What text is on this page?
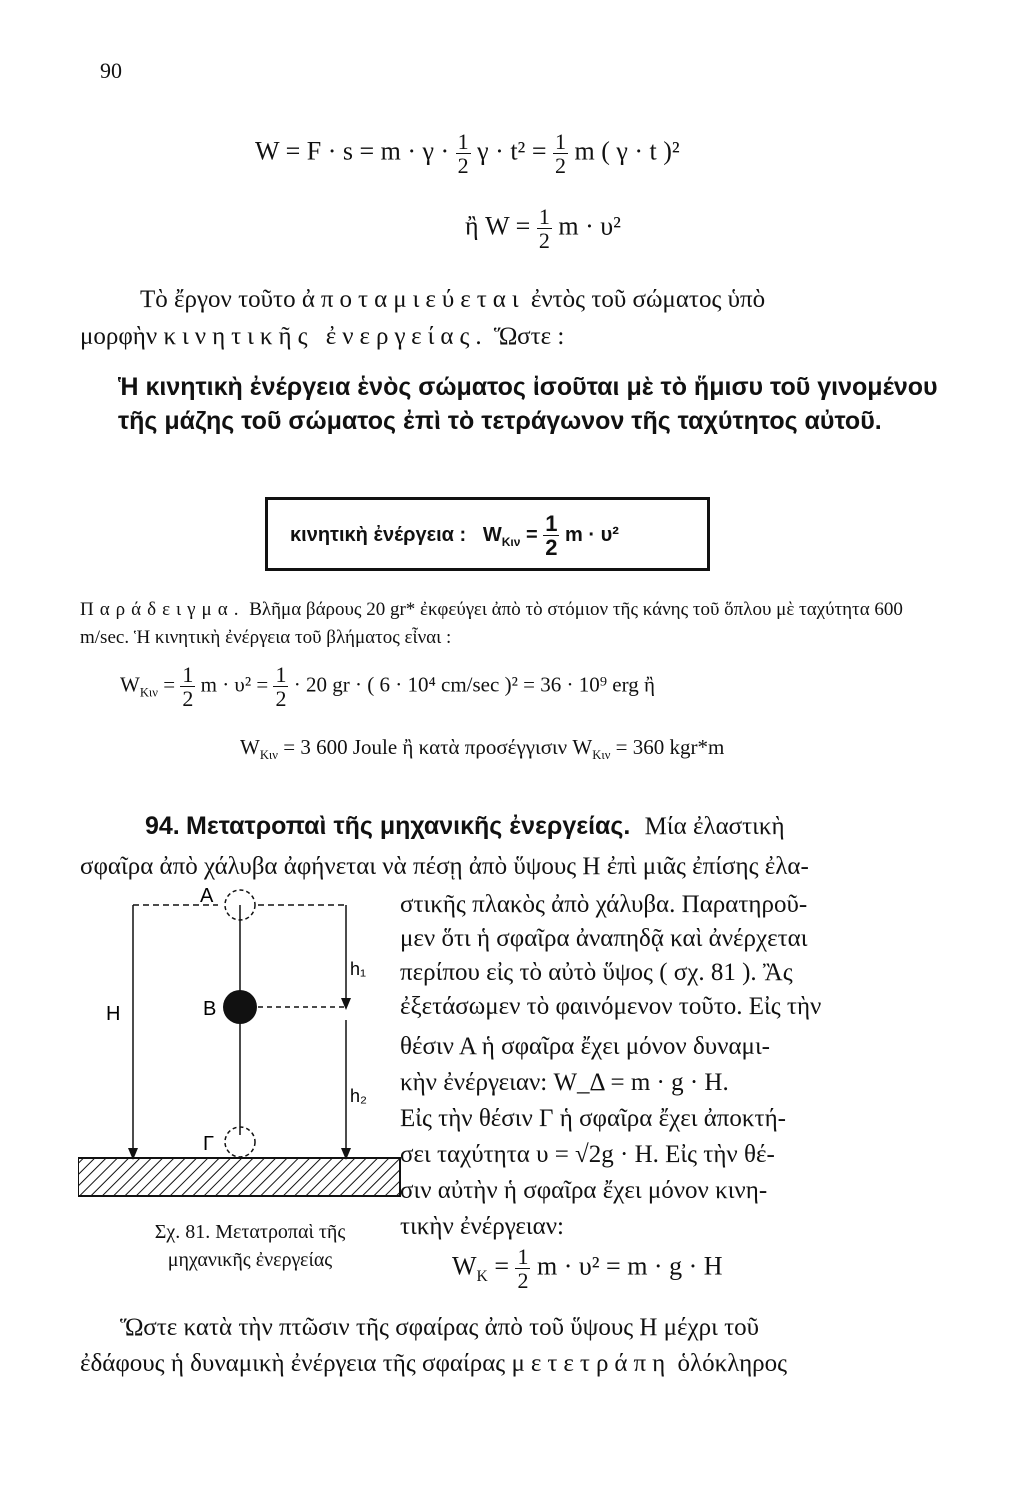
90
$W = F \cdot s = m \cdot \gamma \cdot \frac{1}{2}$ $\gamma \cdot t^2 = \frac{1}{2}$ m ( γ · t )²
ἢ $W = \frac{1}{2}$ m · υ²
Τὸ ἔργον τοῦτο ἀποταμιεύεται ἐντὸς τοῦ σώματος ὑπὸ
μορφὴν κινητικῆς ἐνεργείας. Ὥστε :
Ἡ κινητικὴ ἐνέργεια ἑνὸς σώματος ἰσοῦται μὲ τὸ ἥμισυ τοῦ γινομένου τῆς μάζης τοῦ σώματος ἐπὶ τὸ τετράγωνον τῆς ταχύτητος αὐτοῦ.
κινητικὴ ἐνέργεια : $W_{K\iota\nu} = \frac{1}{2}$ m · υ²
Παράδειγμα. Βλῆμα βάρους 20 gr* ἐκφεύγει ἀπὸ τὸ στόμιον τῆς κάνης τοῦ ὅπλου μὲ ταχύτητα 600 m/sec. Ἡ κινητικὴ ἐνέργεια τοῦ βλήματος εἶναι :
$W_{K\iota\nu} = \frac{1}{2}$ $m \cdot \upsilon^2 = \frac{1}{2} \cdot 20$ gr · ( 6 · 10⁴ cm/sec )² = 36 · 10⁹ erg ἢ
$W_{K\iota\nu} = 3$ 600 Joule ἢ κατὰ προσέγγισιν $W_{K\iota\nu} = 360$ kgr*m
94. Μετατροπαὶ τῆς μηχανικῆς ἐνεργείας. Μία ἐλαστικὴ
σφαῖρα ἀπὸ χάλυβα ἀφήνεται νὰ πέσῃ ἀπὸ ὕψους Η ἐπὶ μιᾶς ἐπίσης ἐλα-
στικῆς πλακὸς ἀπὸ χάλυβα. Παρατηροῦ-
μεν ὅτι ἡ σφαῖρα ἀναπηδᾷ καὶ ἀνέρχεται
περίπου εἰς τὸ αὐτὸ ὕψος ( σχ. 81 ). Ἂς
ἐξετάσωμεν τὸ φαινόμενον τοῦτο. Εἰς τὴν
θέσιν Α ἡ σφαῖρα ἔχει μόνον δυναμι-
κὴν ἐνέργειαν: W_Δ = m · g · H.
Εἰς τὴν θέσιν Γ ἡ σφαῖρα ἔχει ἀποκτή-
σει ταχύτητα υ = √2g · H. Εἰς τὴν θέ-
σιν αὐτὴν ἡ σφαῖρα ἔχει μόνον κινη-
τικὴν ἐνέργειαν:
$W_K = \frac{1}{2}$ m · υ² = m · g · H
Α
Β
Γ
Η
h₁
h₂
Σχ. 81. Μετατροπαὶ τῆς
μηχανικῆς ἐνεργείας
Ὥστε κατὰ τὴν πτῶσιν τῆς σφαίρας ἀπὸ τοῦ ὕψους Η μέχρι τοῦ
ἐδάφους ἡ δυναμικὴ ἐνέργεια τῆς σφαίρας μετετράπη ὁλόκληρος
